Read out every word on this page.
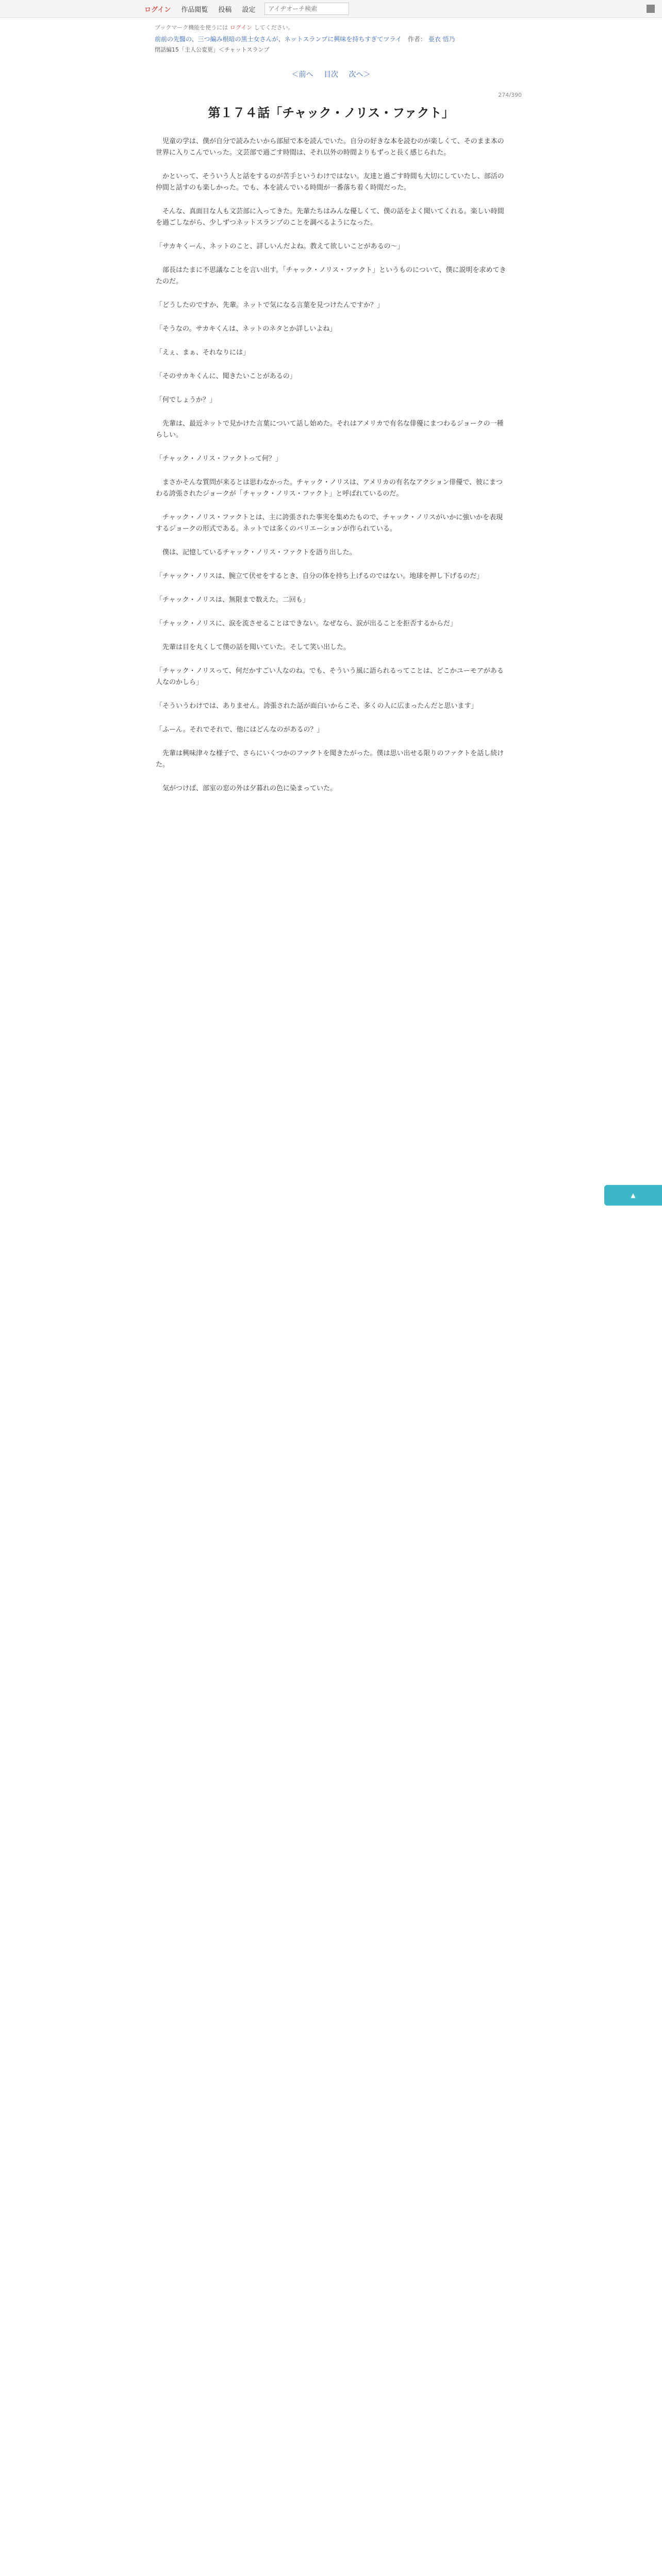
ログイン	作品閲覧	投稿	設定
アイヂオーチ検索
ブックマーク機能を使うには ログイン してください。
前前の先醫の、三つ編み根暗の黒士女さんが、ネットスランプに興味を持ちすぎてツライ 作者： 亜衣 悟乃
閉話編15「主人公変更」＜チャットスランプ
＜前へ 目次 次へ＞
274/390
第１７４話「チャック・ノリス・ファクト」

　児童の学は、僕が自分で読みたいから部屋で本を読んでいた。自分の好きな本を読むのが楽しくて、そのまま本の世界に入りこんでいった。文芸部で過ごす時間は、それ以外の時間よりもずっと長く感じられた。

　かといって、そういう人と話をするのが苦手というわけではない。友達と過ごす時間も大切にしていたし、部活の仲間と話すのも楽しかった。でも、本を読んでいる時間が一番落ち着く時間だった。

　そんな、真面目な人も文芸部に入ってきた。先輩たちはみんな優しくて、僕の話をよく聞いてくれる。楽しい時間を過ごしながら、少しずつネットスランプのことを調べるようになった。

「サカキくーん、ネットのこと、詳しいんだよね。教えて欲しいことがあるの〜」

　部長はたまに不思議なことを言い出す。「チャック・ノリス・ファクト」というものについて、僕に説明を求めてきたのだ。

「どうしたのですか、先輩。ネットで気になる言葉を見つけたんですか？」

「そうなの。サカキくんは、ネットのネタとか詳しいよね」

「えぇ、まぁ、それなりには」

「そのサカキくんに、聞きたいことがあるの」

「何でしょうか？」

　先輩は、最近ネットで見かけた言葉について話し始めた。それはアメリカで有名な俳優にまつわるジョークの一種らしい。

「チャック・ノリス・ファクトって何？」

　まさかそんな質問が来るとは思わなかった。チャック・ノリスは、アメリカの有名なアクション俳優で、彼にまつわる誇張されたジョークが「チャック・ノリス・ファクト」と呼ばれているのだ。

　チャック・ノリス・ファクトとは、主に誇張された事実を集めたもので、チャック・ノリスがいかに強いかを表現するジョークの形式である。ネットでは多くのバリエーションが作られている。

　僕は、記憶しているチャック・ノリス・ファクトを語り出した。

「チャック・ノリスは、腕立て伏せをするとき、自分の体を持ち上げるのではない。地球を押し下げるのだ」

「チャック・ノリスは、無限まで数えた。二回も」

「チャック・ノリスに、涙を流させることはできない。なぜなら、涙が出ることを拒否するからだ」

　先輩は目を丸くして僕の話を聞いていた。そして笑い出した。

「チャック・ノリスって、何だかすごい人なのね。でも、そういう風に語られるってことは、どこかユーモアがある人なのかしら」

「そういうわけでは、ありません。誇張された話が面白いからこそ、多くの人に広まったんだと思います」

「ふーん。それでそれで、他にはどんなのがあるの？」

　先輩は興味津々な様子で、さらにいくつかのファクトを聞きたがった。僕は思い出せる限りのファクトを話し続けた。

　気がつけば、部室の窓の外は夕暮れの色に染まっていた。

▲
